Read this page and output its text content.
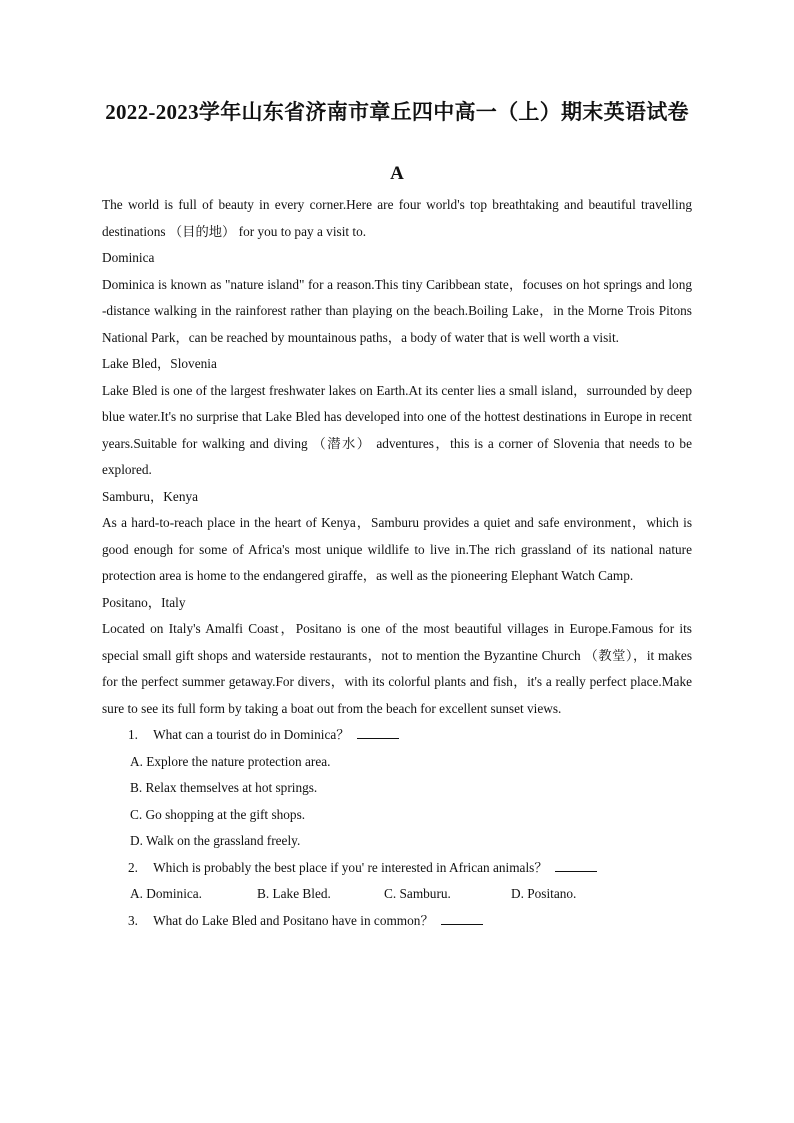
2022-2023学年山东省济南市章丘四中高一（上）期末英语试卷
A

The world is full of beauty in every corner.Here are four world's top breathtaking and beautiful travelling destinations （目的地） for you to pay a visit to.

Dominica

Dominica is known as "nature island" for a reason.This tiny Caribbean state，focuses on hot springs and long -distance walking in the rainforest rather than playing on the beach.Boiling Lake，in the Morne Trois Pitons National Park，can be reached by mountainous paths，a body of water that is well worth a visit.

Lake Bled，Slovenia

Lake Bled is one of the largest freshwater lakes on Earth.At its center lies a small island，surrounded by deep blue water.It's no surprise that Lake Bled has developed into one of the hottest destinations in Europe in recent years.Suitable for walking and diving （潜水） adventures，this is a corner of Slovenia that needs to be explored.

Samburu，Kenya

As a hard-to-reach place in the heart of Kenya，Samburu provides a quiet and safe environment，which is good enough for some of Africa's most unique wildlife to live in.The rich grassland of its national nature protection area is home to the endangered giraffe，as well as the pioneering Elephant Watch Camp.

Positano，Italy

Located on Italy's Amalfi Coast，Positano is one of the most beautiful villages in Europe.Famous for its special small gift shops and waterside restaurants，not to mention the Byzantine Church （教堂），it makes for the perfect summer getaway.For divers，with its colorful plants and fish，it's a really perfect place.Make sure to see its full form by taking a boat out from the beach for excellent sunset views.

1. What can a tourist do in Dominica？

A. Explore the nature protection area.

B. Relax themselves at hot springs.

C. Go shopping at the gift shops.

D. Walk on the grassland freely.

2. Which is probably the best place if you' re interested in African animals？

A. Dominica.	B. Lake Bled.	C. Samburu.	D. Positano.

3. What do Lake Bled and Positano have in common？
